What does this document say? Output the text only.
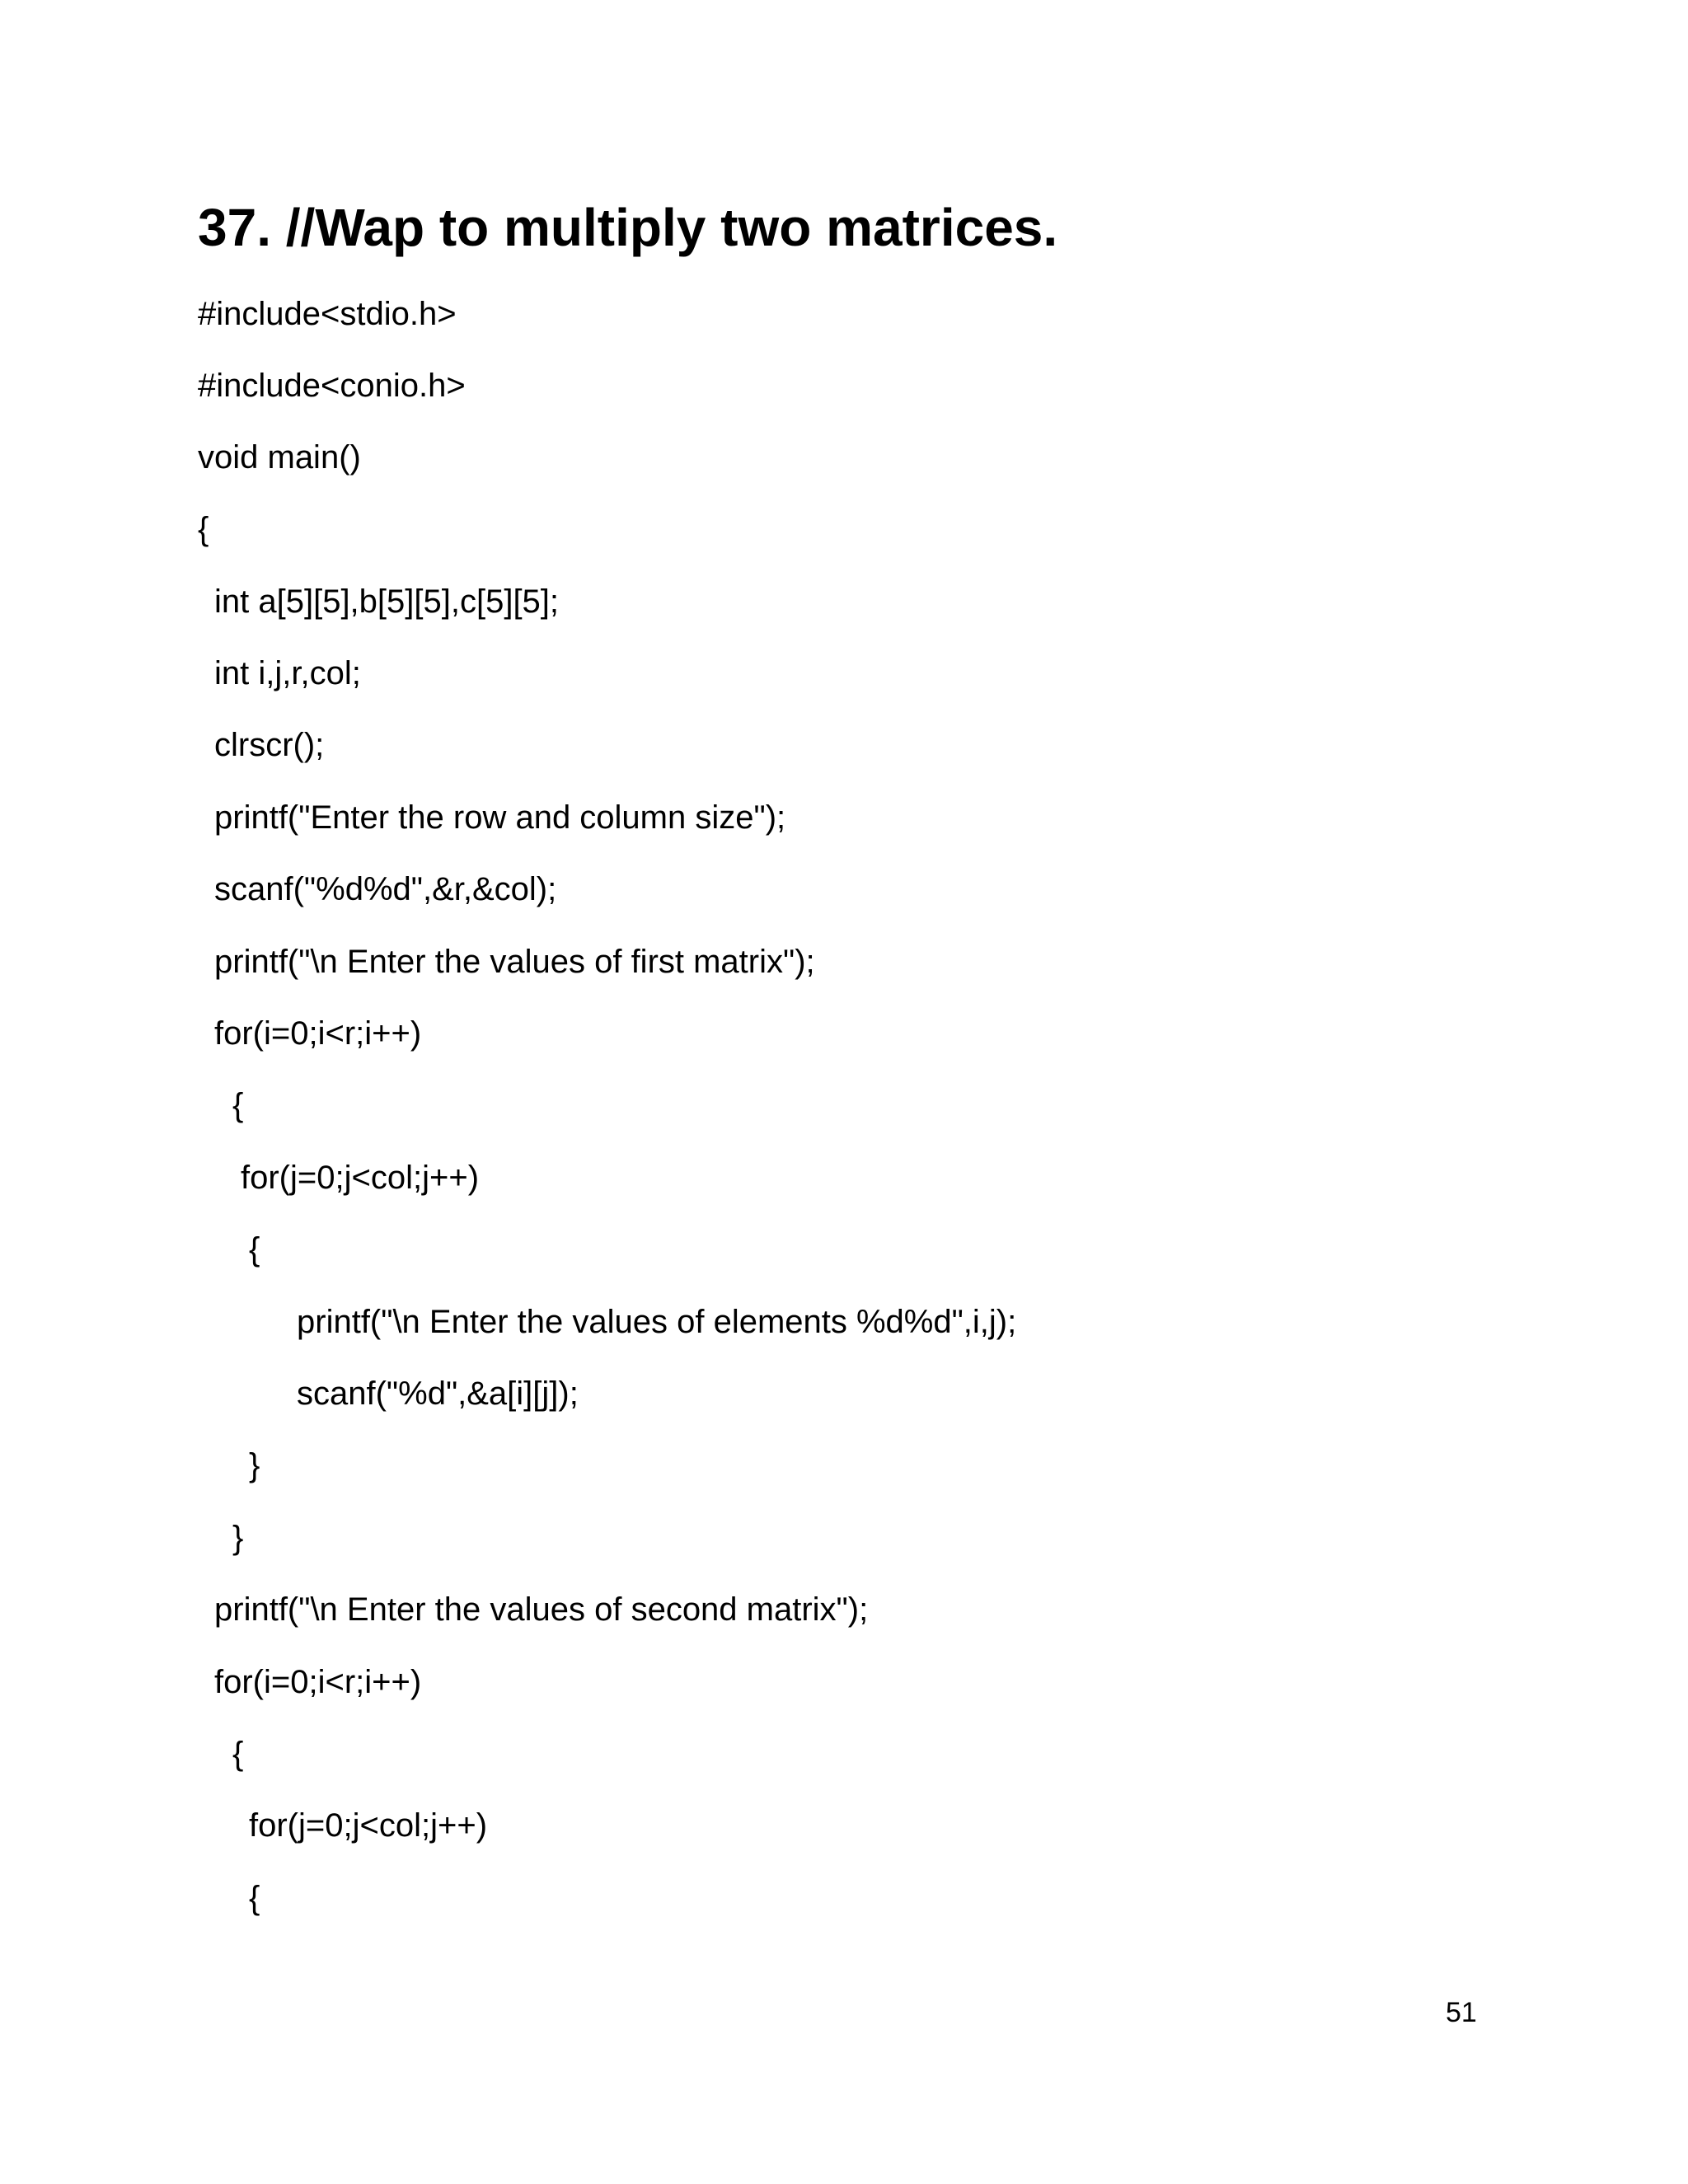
37. //Wap to multiply two matrices.
#include<stdio.h>
#include<conio.h>
void main()
{
int a[5][5],b[5][5],c[5][5];
int i,j,r,col;
clrscr();
printf("Enter the row and column size");
scanf("%d%d",&r,&col);
printf("\n Enter the values of first matrix");
for(i=0;i<r;i++)
{
for(j=0;j<col;j++)
{
printf("\n Enter the values of elements %d%d",i,j);
scanf("%d",&a[i][j]);
}
}
printf("\n Enter the values of second matrix");
for(i=0;i<r;i++)
{
for(j=0;j<col;j++)
{
51
